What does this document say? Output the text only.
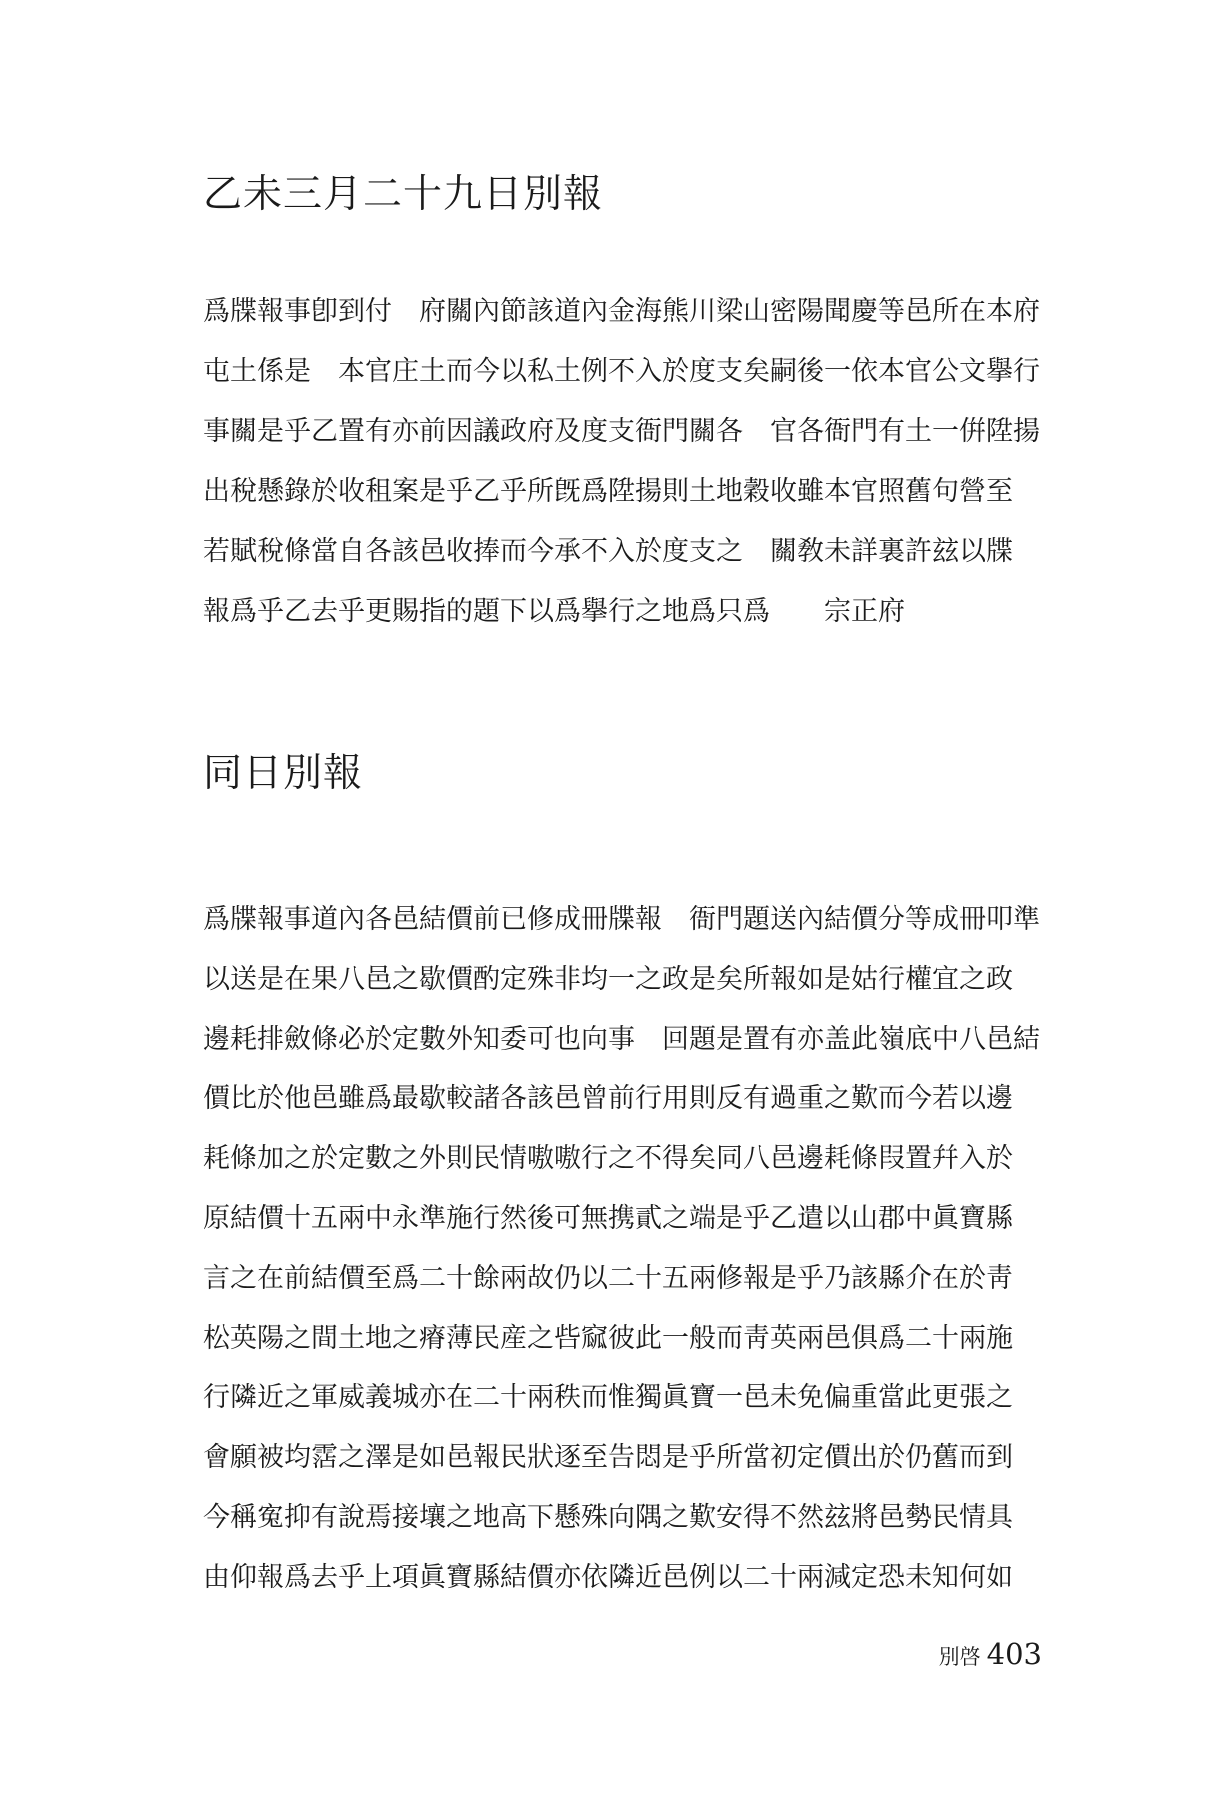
乙未三月二十九日別報
爲牒報事卽到付　府關內節該道內金海熊川梁山密陽聞慶等邑所在本府
屯土係是　本官庄土而今以私土例不入於度支矣嗣後一依本官公文擧行
事關是乎乙置有亦前因議政府及度支衙門關各　官各衙門有土一倂陞揚
出稅懸錄於收租案是乎乙乎所旣爲陞揚則土地穀收雖本官照舊句營至
若賦稅條當自各該邑收捧而今承不入於度支之　關敎未詳裏許玆以牒
報爲乎乙去乎更賜指的題下以爲擧行之地爲只爲　　宗正府
同日別報
爲牒報事道內各邑結價前已修成冊牒報　衙門題送內結價分等成冊叩準
以送是在果八邑之歇價酌定殊非均一之政是矣所報如是姑行權宜之政
邊耗排斂條必於定數外知委可也向事　回題是置有亦盖此嶺底中八邑結
價比於他邑雖爲最歇較諸各該邑曾前行用則反有過重之歎而今若以邊
耗條加之於定數之外則民情嗷嗷行之不得矣同八邑邊耗條叚置幷入於
原結價十五兩中永準施行然後可無携貳之端是乎乙遣以山郡中眞寶縣
言之在前結價至爲二十餘兩故仍以二十五兩修報是乎乃該縣介在於靑
松英陽之間土地之瘠薄民産之呰窳彼此一般而靑英兩邑俱爲二十兩施
行隣近之軍威義城亦在二十兩秩而惟獨眞寶一邑未免偏重當此更張之
會願被均霑之澤是如邑報民狀逐至告悶是乎所當初定價出於仍舊而到
今稱寃抑有說焉接壤之地高下懸殊向隅之歎安得不然玆將邑勢民情具
由仰報爲去乎上項眞寶縣結價亦依隣近邑例以二十兩減定恐未知何如
別啓 403
